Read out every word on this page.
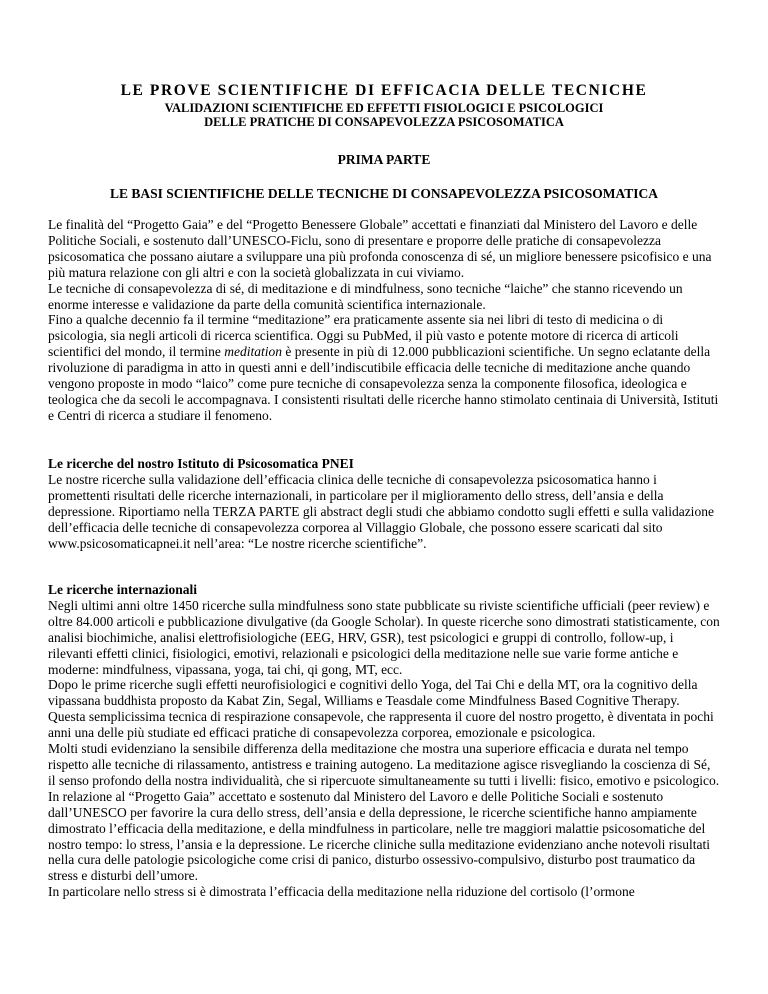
LE PROVE SCIENTIFICHE DI EFFICACIA DELLE TECNICHE
VALIDAZIONI SCIENTIFICHE ED EFFETTI FISIOLOGICI E PSICOLOGICI
DELLE PRATICHE DI CONSAPEVOLEZZA PSICOSOMATICA
PRIMA PARTE
LE BASI SCIENTIFICHE DELLE TECNICHE DI CONSAPEVOLEZZA PSICOSOMATICA

Le finalità del “Progetto Gaia” e del “Progetto Benessere Globale” accettati e finanziati dal Ministero del Lavoro e delle Politiche Sociali, e sostenuto dall’UNESCO-Ficlu, sono di presentare e proporre delle pratiche di consapevolezza psicosomatica che possano aiutare a sviluppare una più profonda conoscenza di sé, un migliore benessere psicofisico e una più matura relazione con gli altri e con la società globalizzata in cui viviamo.

Le tecniche di consapevolezza di sé, di meditazione e di mindfulness, sono tecniche “laiche” che stanno ricevendo un enorme interesse e validazione da parte della comunità scientifica internazionale.

Fino a qualche decennio fa il termine “meditazione” era praticamente assente sia nei libri di testo di medicina o di psicologia, sia negli articoli di ricerca scientifica. Oggi su PubMed, il più vasto e potente motore di ricerca di articoli scientifici del mondo, il termine meditation è presente in più di 12.000 pubblicazioni scientifiche. Un segno eclatante della rivoluzione di paradigma in atto in questi anni e dell’indiscutibile efficacia delle tecniche di meditazione anche quando vengono proposte in modo “laico” come pure tecniche di consapevolezza senza la componente filosofica, ideologica e teologica che da secoli le accompagnava. I consistenti risultati delle ricerche hanno stimolato centinaia di Università, Istituti e Centri di ricerca a studiare il fenomeno.

Le ricerche del nostro Istituto di Psicosomatica PNEI

Le nostre ricerche sulla validazione dell’efficacia clinica delle tecniche di consapevolezza psicosomatica hanno i promettenti risultati delle ricerche internazionali, in particolare per il miglioramento dello stress, dell’ansia e della depressione. Riportiamo nella TERZA PARTE gli abstract degli studi che abbiamo condotto sugli effetti e sulla validazione dell’efficacia delle tecniche di consapevolezza corporea al Villaggio Globale, che possono essere scaricati dal sito www.psicosomaticapnei.it nell’area: “Le nostre ricerche scientifiche”.

Le ricerche internazionali

Negli ultimi anni oltre 1450 ricerche sulla mindfulness sono state pubblicate su riviste scientifiche ufficiali (peer review) e oltre 84.000 articoli e pubblicazione divulgative (da Google Scholar). In queste ricerche sono dimostrati statisticamente, con analisi biochimiche, analisi elettrofisiologiche (EEG, HRV, GSR), test psicologici e gruppi di controllo, follow-up, i rilevanti effetti clinici, fisiologici, emotivi, relazionali e psicologici della meditazione nelle sue varie forme antiche e moderne: mindfulness, vipassana, yoga, tai chi, qi gong, MT, ecc.

Dopo le prime ricerche sugli effetti neurofisiologici e cognitivi dello Yoga, del Tai Chi e della MT, ora la cognitivo della vipassana buddhista proposto da Kabat Zin, Segal, Williams e Teasdale come Mindfulness Based Cognitive Therapy. Questa semplicissima tecnica di respirazione consapevole, che rappresenta il cuore del nostro progetto, è diventata in pochi anni una delle più studiate ed efficaci pratiche di consapevolezza corporea, emozionale e psicologica.

Molti studi evidenziano la sensibile differenza della meditazione che mostra una superiore efficacia e durata nel tempo rispetto alle tecniche di rilassamento, antistress e training autogeno. La meditazione agisce risvegliando la coscienza di Sé, il senso profondo della nostra individualità, che si ripercuote simultaneamente su tutti i livelli: fisico, emotivo e psicologico.

In relazione al “Progetto Gaia” accettato e sostenuto dal Ministero del Lavoro e delle Politiche Sociali e sostenuto dall’UNESCO per favorire la cura dello stress, dell’ansia e della depressione, le ricerche scientifiche hanno ampiamente dimostrato l’efficacia della meditazione, e della mindfulness in particolare, nelle tre maggiori malattie psicosomatiche del nostro tempo: lo stress, l’ansia e la depressione. Le ricerche cliniche sulla meditazione evidenziano anche notevoli risultati nella cura delle patologie psicologiche come crisi di panico, disturbo ossessivo-compulsivo, disturbo post traumatico da stress e disturbi dell’umore.

In particolare nello stress si è dimostrata l’efficacia della meditazione nella riduzione del cortisolo (l’ormone
